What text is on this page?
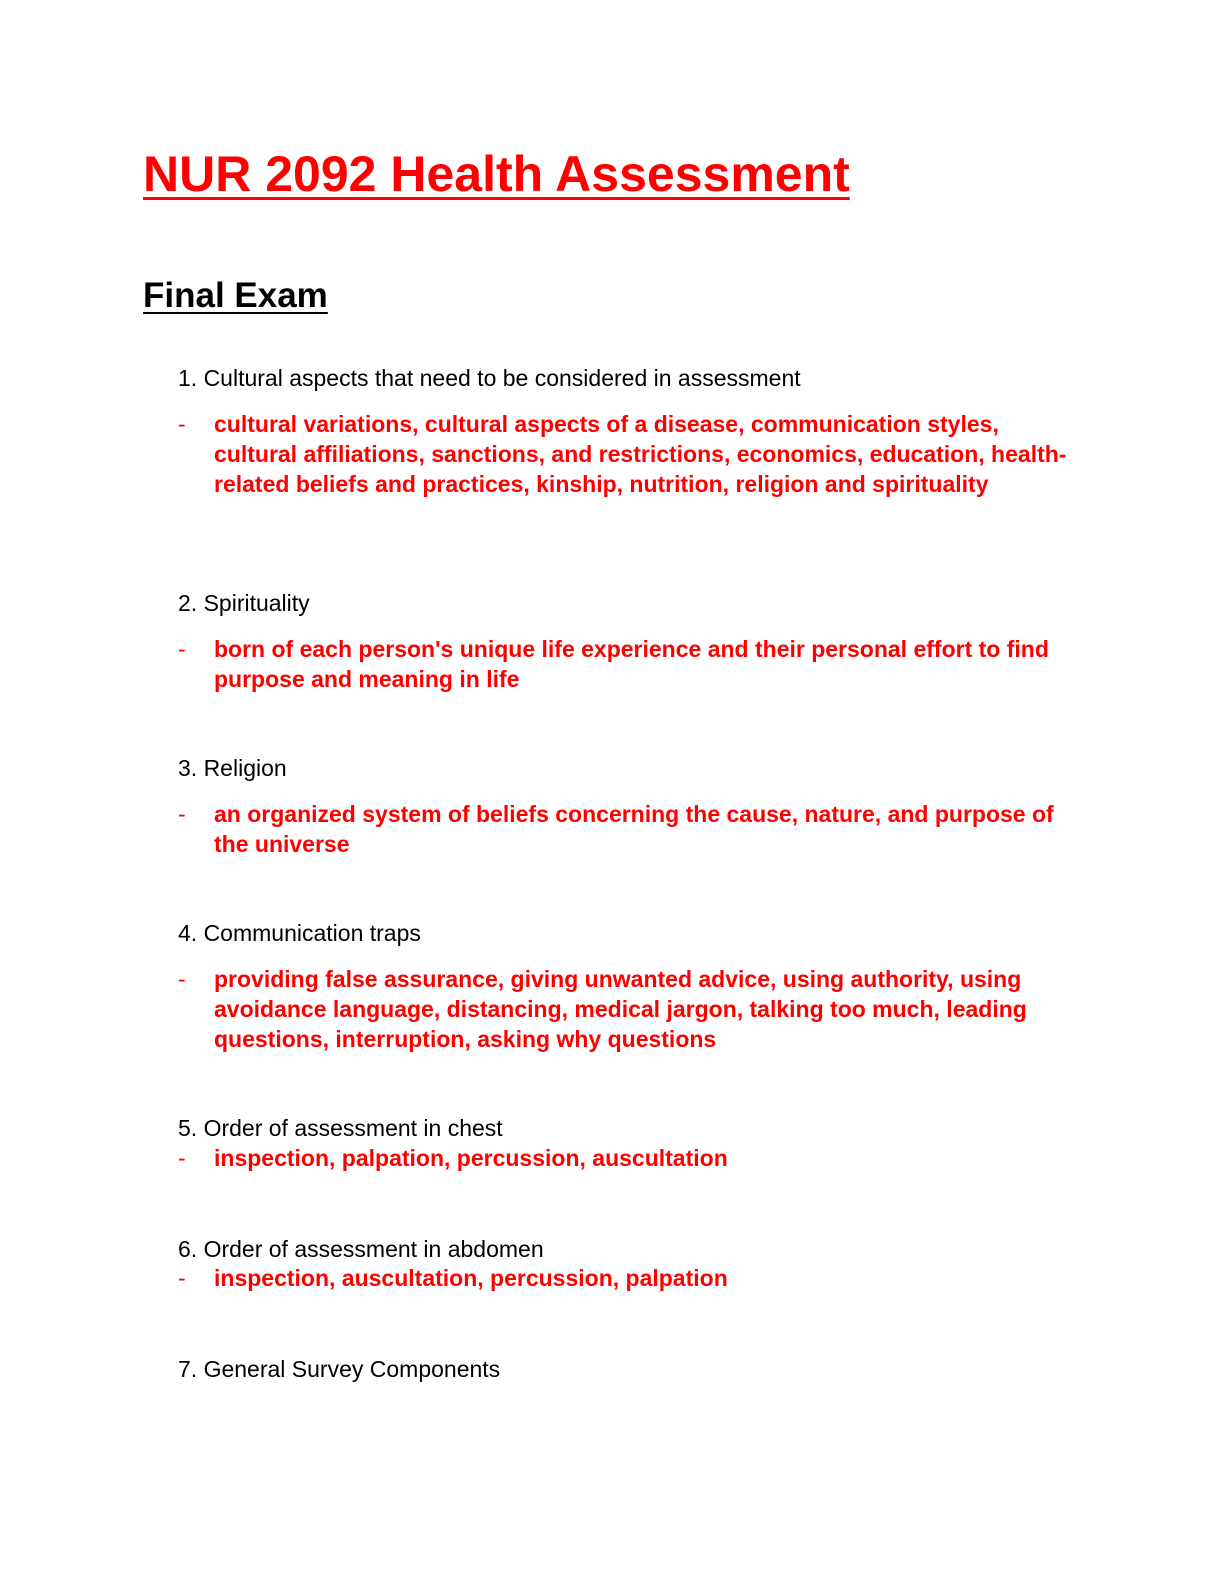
NUR 2092 Health Assessment
Final Exam

1. Cultural aspects that need to be considered in assessment

- cultural variations, cultural aspects of a disease, communication styles, cultural affiliations, sanctions, and restrictions, economics, education, health-related beliefs and practices, kinship, nutrition, religion and spirituality

2. Spirituality

- born of each person's unique life experience and their personal effort to find purpose and meaning in life

3. Religion

- an organized system of beliefs concerning the cause, nature, and purpose of the universe

4. Communication traps

- providing false assurance, giving unwanted advice, using authority, using avoidance language, distancing, medical jargon, talking too much, leading questions, interruption, asking why questions

5. Order of assessment in chest

- inspection, palpation, percussion, auscultation

6. Order of assessment in abdomen

- inspection, auscultation, percussion, palpation

7. General Survey Components
